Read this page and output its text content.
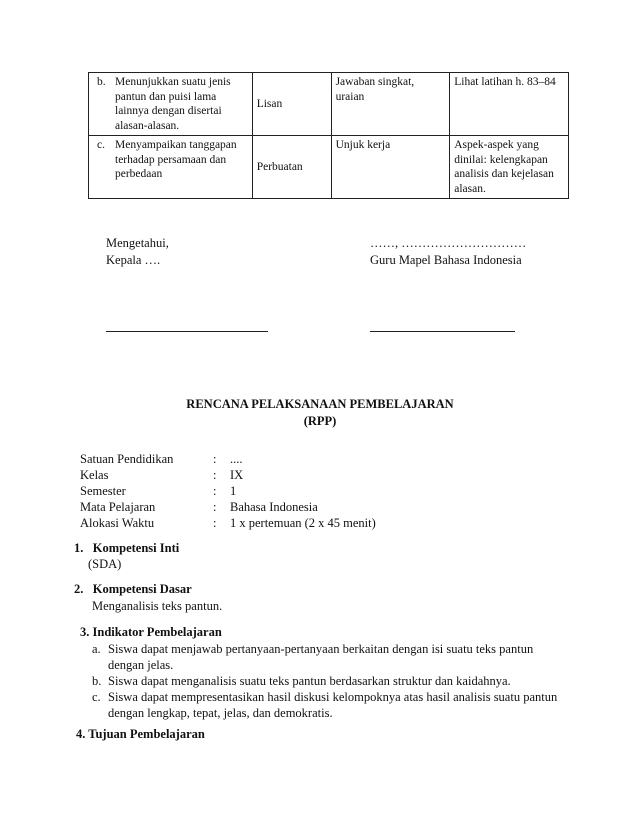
b. Menunjukkan suatu jenis pantun dan puisi lama lainnya dengan disertai alasan-alasan.	Lisan	Jawaban singkat, uraian	Lihat latihan h. 83–84

c. Menyampaikan tanggapan terhadap persamaan dan perbedaan	Perbuatan	Unjuk kerja	Aspek-aspek yang dinilai: kelengkapan analisis dan kejelasan alasan.
Mengetahui,
Kepala ….
……, …………………………
Guru Mapel Bahasa Indonesia
RENCANA PELAKSANAAN PEMBELAJARAN
(RPP)
Satuan Pendidikan	: ....
Kelas	: IX
Semester	: 1
Mata Pelajaran	: Bahasa Indonesia
Alokasi Waktu	: 1 x pertemuan (2 x 45 menit)
1.   Kompetensi Inti
(SDA)
2.   Kompetensi Dasar
Menganalisis teks pantun.
3. Indikator Pembelajaran
a. Siswa dapat menjawab pertanyaan-pertanyaan berkaitan dengan isi suatu teks pantun
dengan jelas.
b. Siswa dapat menganalisis suatu teks pantun berdasarkan struktur dan kaidahnya.
c. Siswa dapat mempresentasikan hasil diskusi kelompoknya atas hasil analisis suatu pantun
dengan lengkap, tepat, jelas, dan demokratis.
4. Tujuan Pembelajaran
